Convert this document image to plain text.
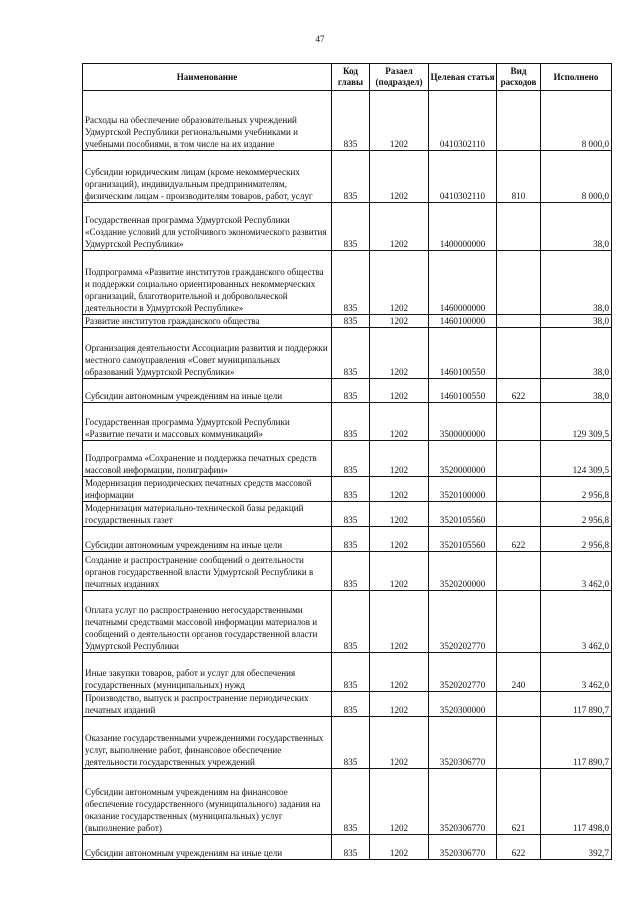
47
Наименование	Код главы	Разаел (подраздел)	Целевая статья	Вид расходов	Исполнено
Расходы на обеспечение образовательных учреждений Удмуртской Республики региональными учебниками и учебными пособиями, в том числе на их издание	835	1202	0410302110		8 000,0
Субсидии юридическим лицам (кроме некоммерческих организаций), индивидуальным предпринимателям, физическим лицам - производителям товаров, работ, услуг	835	1202	0410302110	810	8 000,0
Государственная программа Удмуртской Республики «Создание условий для устойчивого экономического развития Удмуртской Республики»	835	1202	1400000000		38,0
Подпрограмма «Развитие институтов гражданского общества и поддержки социально ориентированных некоммерческих организаций, благотворительной и добровольческой деятельности в Удмуртской Республике»	835	1202	1460000000		38,0
Развитие институтов гражданского общества	835	1202	1460100000		38,0
Организация деятельности Ассоциации развития и поддержки местного самоуправления «Совет муниципальных образований Удмуртской Республики»	835	1202	1460100550		38,0
Субсидии автономным учреждениям на иные цели	835	1202	1460100550	622	38,0
Государственная программа Удмуртской Республики «Развитие печати и массовых коммуникаций»	835	1202	3500000000		129 309,5
Подпрограмма «Сохранение и поддержка печатных средств массовой информации, полиграфии»	835	1202	3520000000		124 309,5
Модернизация периодических печатных средств массовой информации	835	1202	3520100000		2 956,8
Модернизация материально-технической базы редакций государственных газет	835	1202	3520105560		2 956,8
Субсидии автономным учреждениям на иные цели	835	1202	3520105560	622	2 956,8
Создание и распространение сообщений о деятельности органов государственной власти Удмуртской Республики в печатных изданиях	835	1202	3520200000		3 462,0
Оплата услуг по распространению негосударственными печатными средствами массовой информации материалов и сообщений о деятельности органов государственной власти Удмуртской Республики	835	1202	3520202770		3 462,0
Иные закупки товаров, работ и услуг для обеспечения государственных (муниципальных) нужд	835	1202	3520202770	240	3 462,0
Производство, выпуск и распространение периодических печатных изданий	835	1202	3520300000		117 890,7
Оказание государственными учреждениями государственных услуг, выполнение работ, финансовое обеспечение деятельности государственных учреждений	835	1202	3520306770		117 890,7
Субсидии автономным учреждениям на финансовое обеспечение государственного (муниципального) задания на оказание государственных (муниципальных) услуг (выполнение работ)	835	1202	3520306770	621	117 498,0
Субсидии автономным учреждениям на иные цели	835	1202	3520306770	622	392,7
